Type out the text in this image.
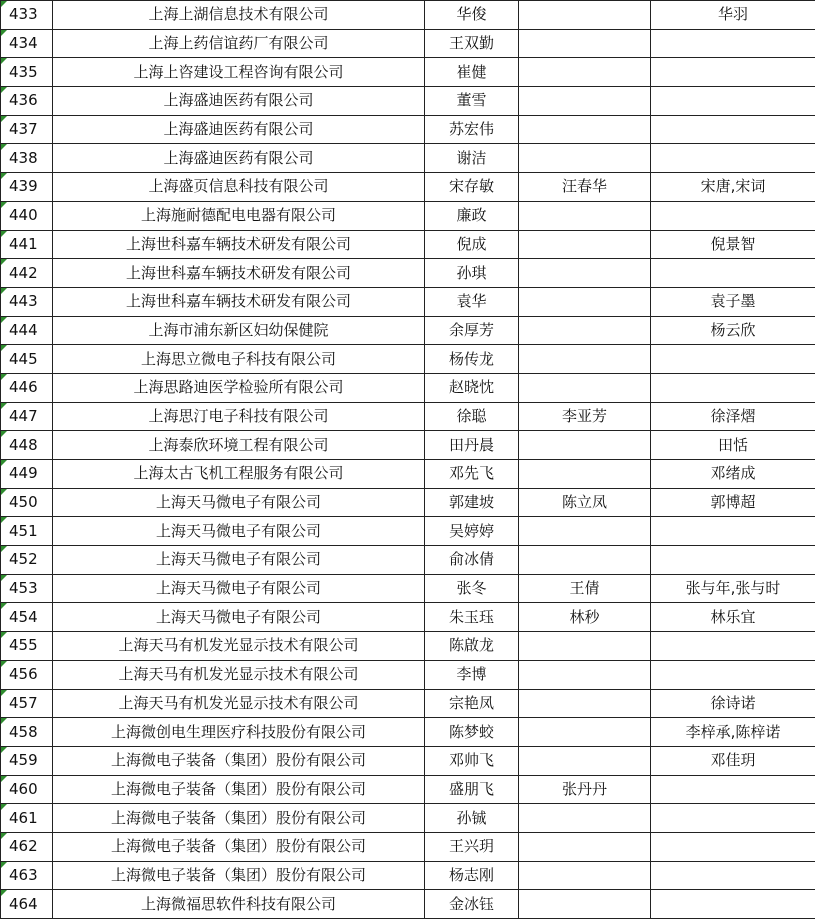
433	上海上湖信息技术有限公司	华俊		华羽
434	上海上药信谊药厂有限公司	王双勤		
435	上海上咨建设工程咨询有限公司	崔健		
436	上海盛迪医药有限公司	董雪		
437	上海盛迪医药有限公司	苏宏伟		
438	上海盛迪医药有限公司	谢洁		
439	上海盛页信息科技有限公司	宋存敏	汪春华	宋唐,宋词
440	上海施耐德配电电器有限公司	廉政		
441	上海世科嘉车辆技术研发有限公司	倪成		倪景智
442	上海世科嘉车辆技术研发有限公司	孙琪		
443	上海世科嘉车辆技术研发有限公司	袁华		袁子墨
444	上海市浦东新区妇幼保健院	余厚芳		杨云欣
445	上海思立微电子科技有限公司	杨传龙		
446	上海思路迪医学检验所有限公司	赵晓忱		
447	上海思汀电子科技有限公司	徐聪	李亚芳	徐泽熠
448	上海泰欣环境工程有限公司	田丹晨		田恬
449	上海太古飞机工程服务有限公司	邓先飞		邓绪成
450	上海天马微电子有限公司	郭建坡	陈立凤	郭博超
451	上海天马微电子有限公司	吴婷婷		
452	上海天马微电子有限公司	俞冰倩		
453	上海天马微电子有限公司	张冬	王倩	张与年,张与时
454	上海天马微电子有限公司	朱玉珏	林秒	林乐宜
455	上海天马有机发光显示技术有限公司	陈啟龙		
456	上海天马有机发光显示技术有限公司	李博		
457	上海天马有机发光显示技术有限公司	宗艳凤		徐诗诺
458	上海微创电生理医疗科技股份有限公司	陈梦蛟		李梓承,陈梓诺
459	上海微电子装备（集团）股份有限公司	邓帅飞		邓佳玥
460	上海微电子装备（集团）股份有限公司	盛朋飞	张丹丹	
461	上海微电子装备（集团）股份有限公司	孙铖		
462	上海微电子装备（集团）股份有限公司	王兴玥		
463	上海微电子装备（集团）股份有限公司	杨志刚		
464	上海微福思软件科技有限公司	金冰钰		
